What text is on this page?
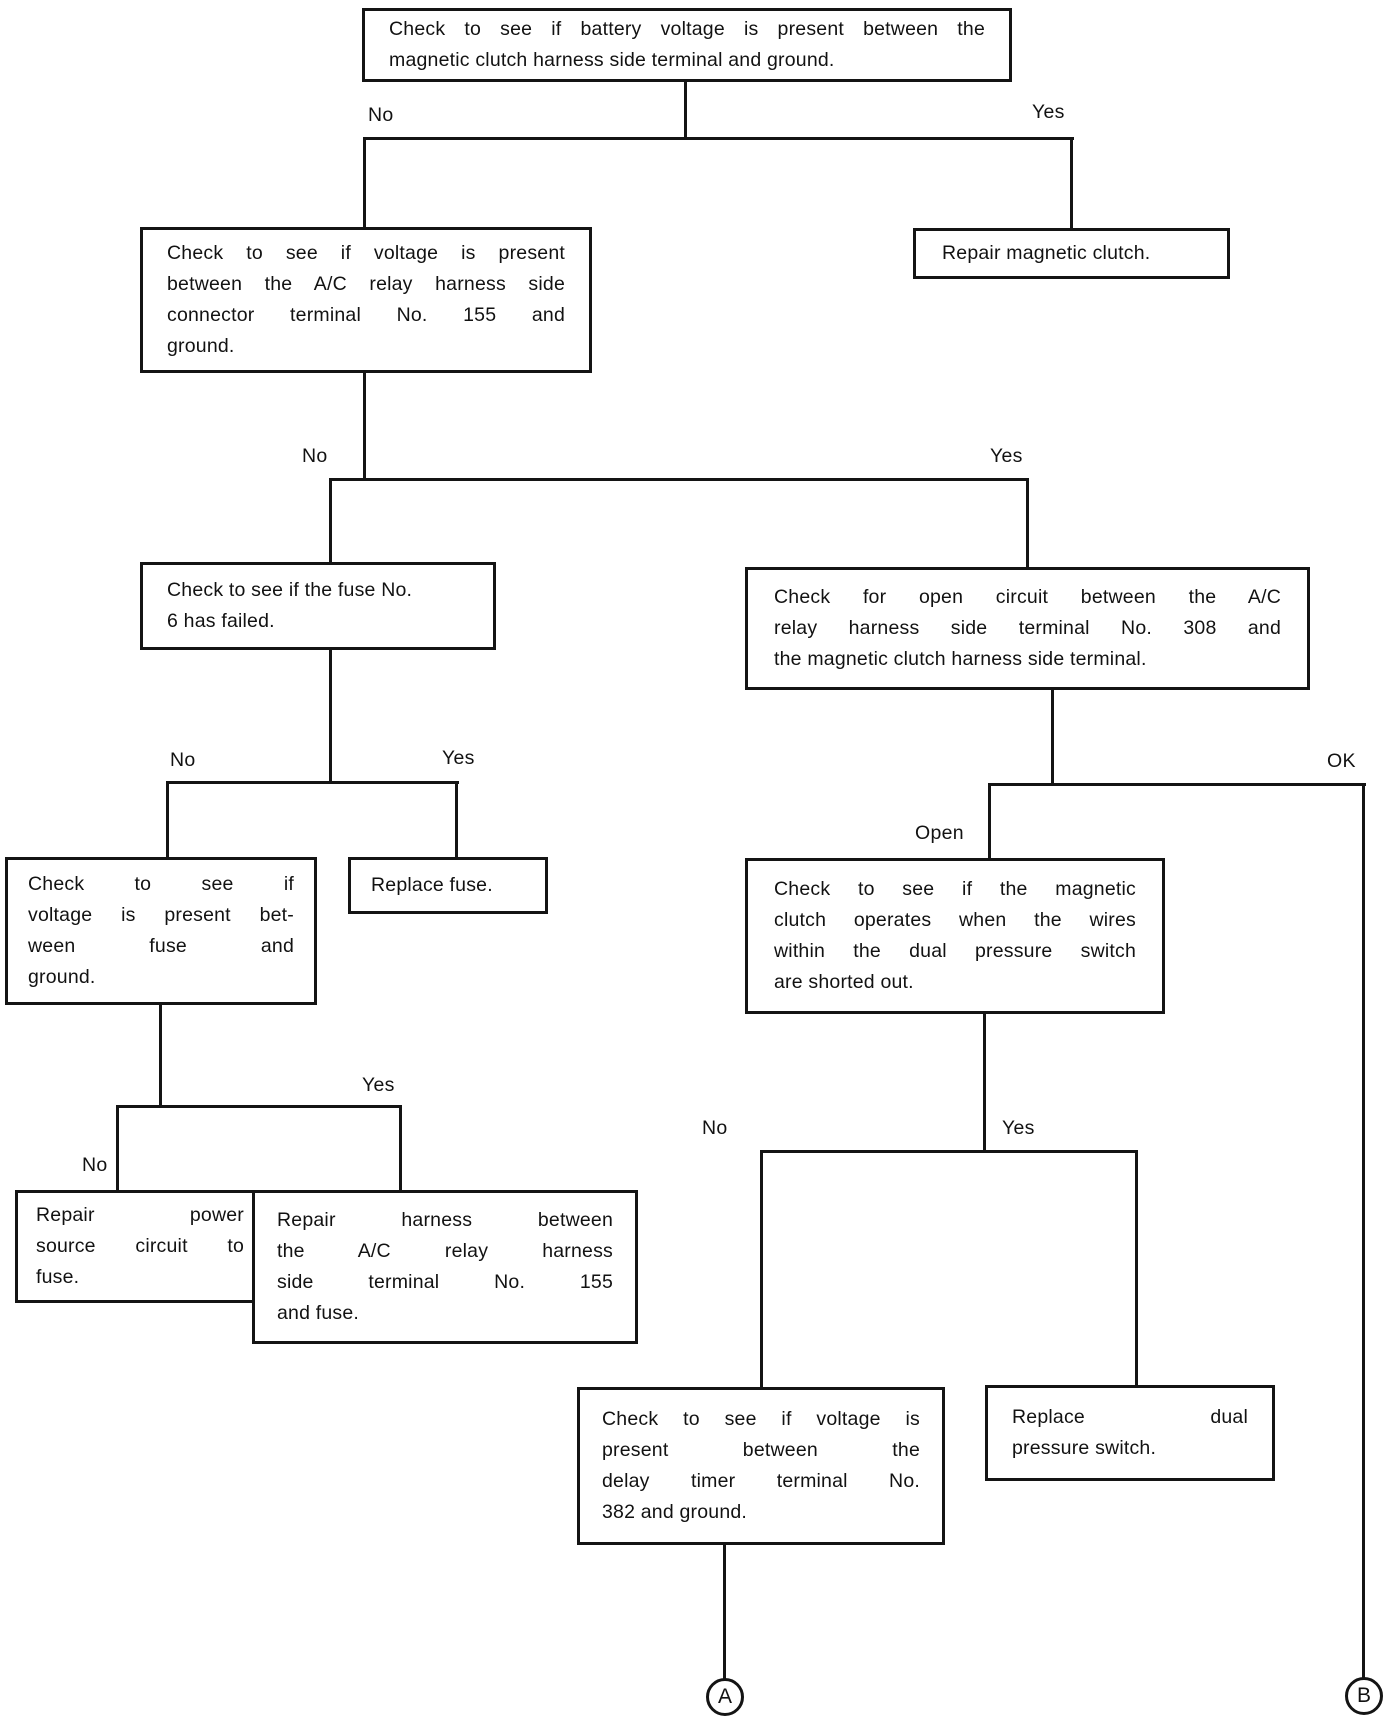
Check to see if battery voltage is present between the
magnetic clutch harness side terminal and ground.
Check to see if voltage is present
between the A/C relay harness side
connector terminal No. 155 and
ground.
Repair magnetic clutch.
Check to see if the fuse No.
6 has failed.
Check for open circuit between the A/C
relay harness side terminal No. 308 and
the magnetic clutch harness side terminal.
Check to see if
voltage is present bet-
ween fuse and
ground.
Replace fuse.	Check to see if the magnetic
clutch operates when the wires
within the dual pressure switch
are shorted out.
Repair power
source circuit to
fuse.
Repair harness between
the A/C relay harness
side terminal No. 155
and fuse.
Check to see if voltage is
present between the
delay timer terminal No.
382 and ground.
Replace dual
pressure switch.
No	Yes
No	Yes
No	Yes
Yes
No
Open
OK
No	Yes
A	B
